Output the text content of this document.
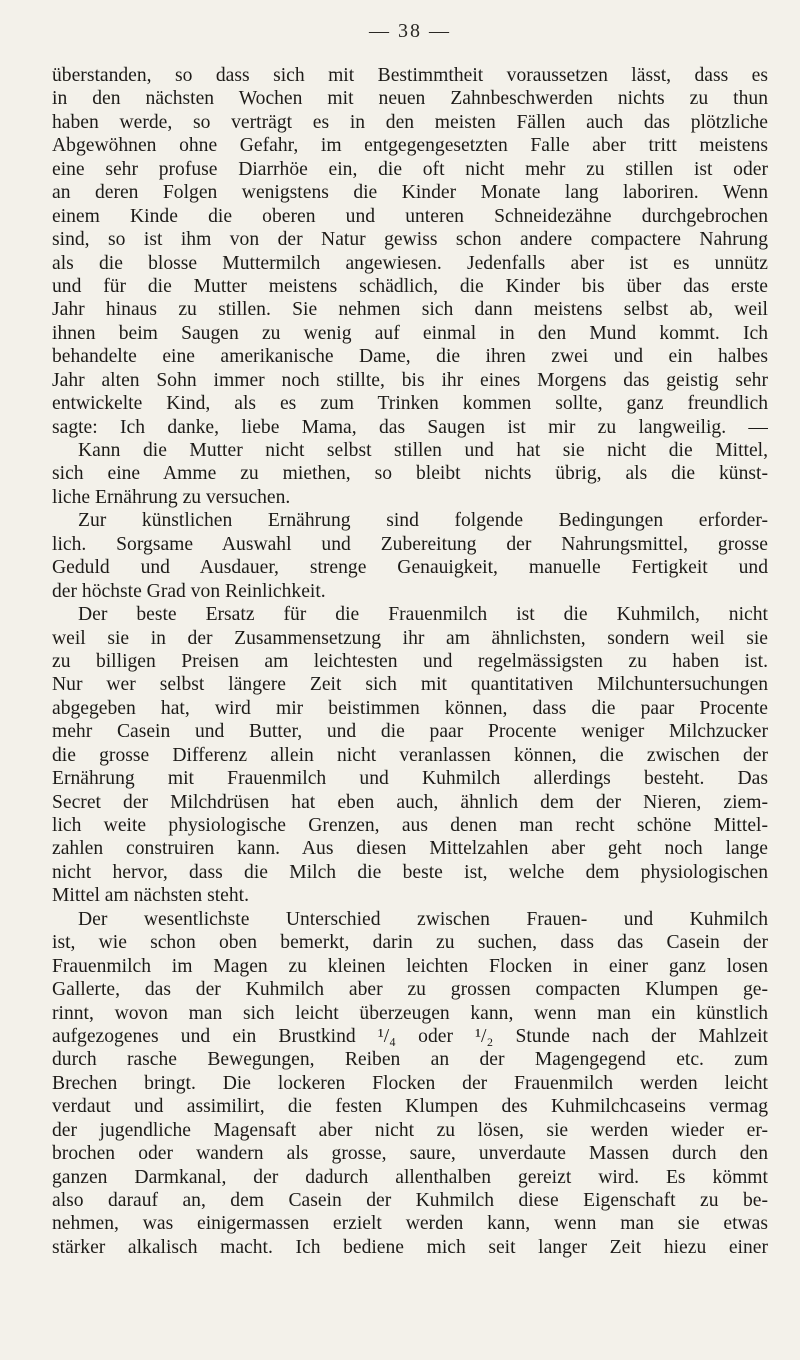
— 38 —
überstanden, so dass sich mit Bestimmtheit voraussetzen lässt, dass es
in den nächsten Wochen mit neuen Zahnbeschwerden nichts zu thun
haben werde, so verträgt es in den meisten Fällen auch das plötzliche
Abgewöhnen ohne Gefahr, im entgegengesetzten Falle aber tritt meistens
eine sehr profuse Diarrhöe ein, die oft nicht mehr zu stillen ist oder
an deren Folgen wenigstens die Kinder Monate lang laboriren. Wenn
einem Kinde die oberen und unteren Schneidezähne durchgebrochen
sind, so ist ihm von der Natur gewiss schon andere compactere Nahrung
als die blosse Muttermilch angewiesen. Jedenfalls aber ist es unnütz
und für die Mutter meistens schädlich, die Kinder bis über das erste
Jahr hinaus zu stillen. Sie nehmen sich dann meistens selbst ab, weil
ihnen beim Saugen zu wenig auf einmal in den Mund kommt. Ich
behandelte eine amerikanische Dame, die ihren zwei und ein halbes
Jahr alten Sohn immer noch stillte, bis ihr eines Morgens das geistig sehr
entwickelte Kind, als es zum Trinken kommen sollte, ganz freundlich
sagte: Ich danke, liebe Mama, das Saugen ist mir zu langweilig. —
Kann die Mutter nicht selbst stillen und hat sie nicht die Mittel,
sich eine Amme zu miethen, so bleibt nichts übrig, als die künst-
liche Ernährung zu versuchen.
Zur künstlichen Ernährung sind folgende Bedingungen erforder-
lich. Sorgsame Auswahl und Zubereitung der Nahrungsmittel, grosse
Geduld und Ausdauer, strenge Genauigkeit, manuelle Fertigkeit und
der höchste Grad von Reinlichkeit.
Der beste Ersatz für die Frauenmilch ist die Kuhmilch, nicht
weil sie in der Zusammensetzung ihr am ähnlichsten, sondern weil sie
zu billigen Preisen am leichtesten und regelmässigsten zu haben ist.
Nur wer selbst längere Zeit sich mit quantitativen Milchuntersuchungen
abgegeben hat, wird mir beistimmen können, dass die paar Procente
mehr Casein und Butter, und die paar Procente weniger Milchzucker
die grosse Differenz allein nicht veranlassen können, die zwischen der
Ernährung mit Frauenmilch und Kuhmilch allerdings besteht. Das
Secret der Milchdrüsen hat eben auch, ähnlich dem der Nieren, ziem-
lich weite physiologische Grenzen, aus denen man recht schöne Mittel-
zahlen construiren kann. Aus diesen Mittelzahlen aber geht noch lange
nicht hervor, dass die Milch die beste ist, welche dem physiologischen
Mittel am nächsten steht.
Der wesentlichste Unterschied zwischen Frauen- und Kuhmilch
ist, wie schon oben bemerkt, darin zu suchen, dass das Casein der
Frauenmilch im Magen zu kleinen leichten Flocken in einer ganz losen
Gallerte, das der Kuhmilch aber zu grossen compacten Klumpen ge-
rinnt, wovon man sich leicht überzeugen kann, wenn man ein künstlich
aufgezogenes und ein Brustkind ¹/₄ oder ¹/₂ Stunde nach der Mahlzeit
durch rasche Bewegungen, Reiben an der Magengegend etc. zum
Brechen bringt. Die lockeren Flocken der Frauenmilch werden leicht
verdaut und assimilirt, die festen Klumpen des Kuhmilchcaseins vermag
der jugendliche Magensaft aber nicht zu lösen, sie werden wieder er-
brochen oder wandern als grosse, saure, unverdaute Massen durch den
ganzen Darmkanal, der dadurch allenthalben gereizt wird. Es kömmt
also darauf an, dem Casein der Kuhmilch diese Eigenschaft zu be-
nehmen, was einigermassen erzielt werden kann, wenn man sie etwas
stärker alkalisch macht. Ich bediene mich seit langer Zeit hiezu einer
